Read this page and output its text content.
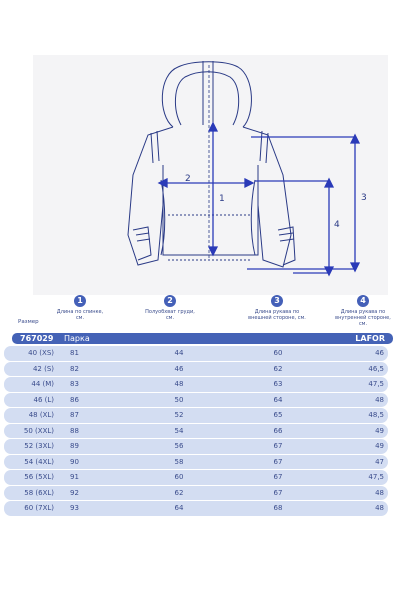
1
2
3
4
Размер
1
Длина по спинке, см.
2
Полуобхват груди, см.
3
Длина рукава по внешней стороне, см.
4
Длина рукава по внутренней стороне, см.
767029 Парка	LAFOR
40 (XS) 81	44	60	46
42 (S) 82	46	62	46,5
44 (M) 83	48	63	47,5
46 (L) 86	50	64	48
48 (XL) 87	52	65	48,5
50 (XXL) 88	54	66	49
52 (3XL) 89	56	67	49
54 (4XL) 90	58	67	47
56 (5XL) 91	60	67	47,5
58 (6XL) 92	62	67	48
60 (7XL) 93	64	68	48
